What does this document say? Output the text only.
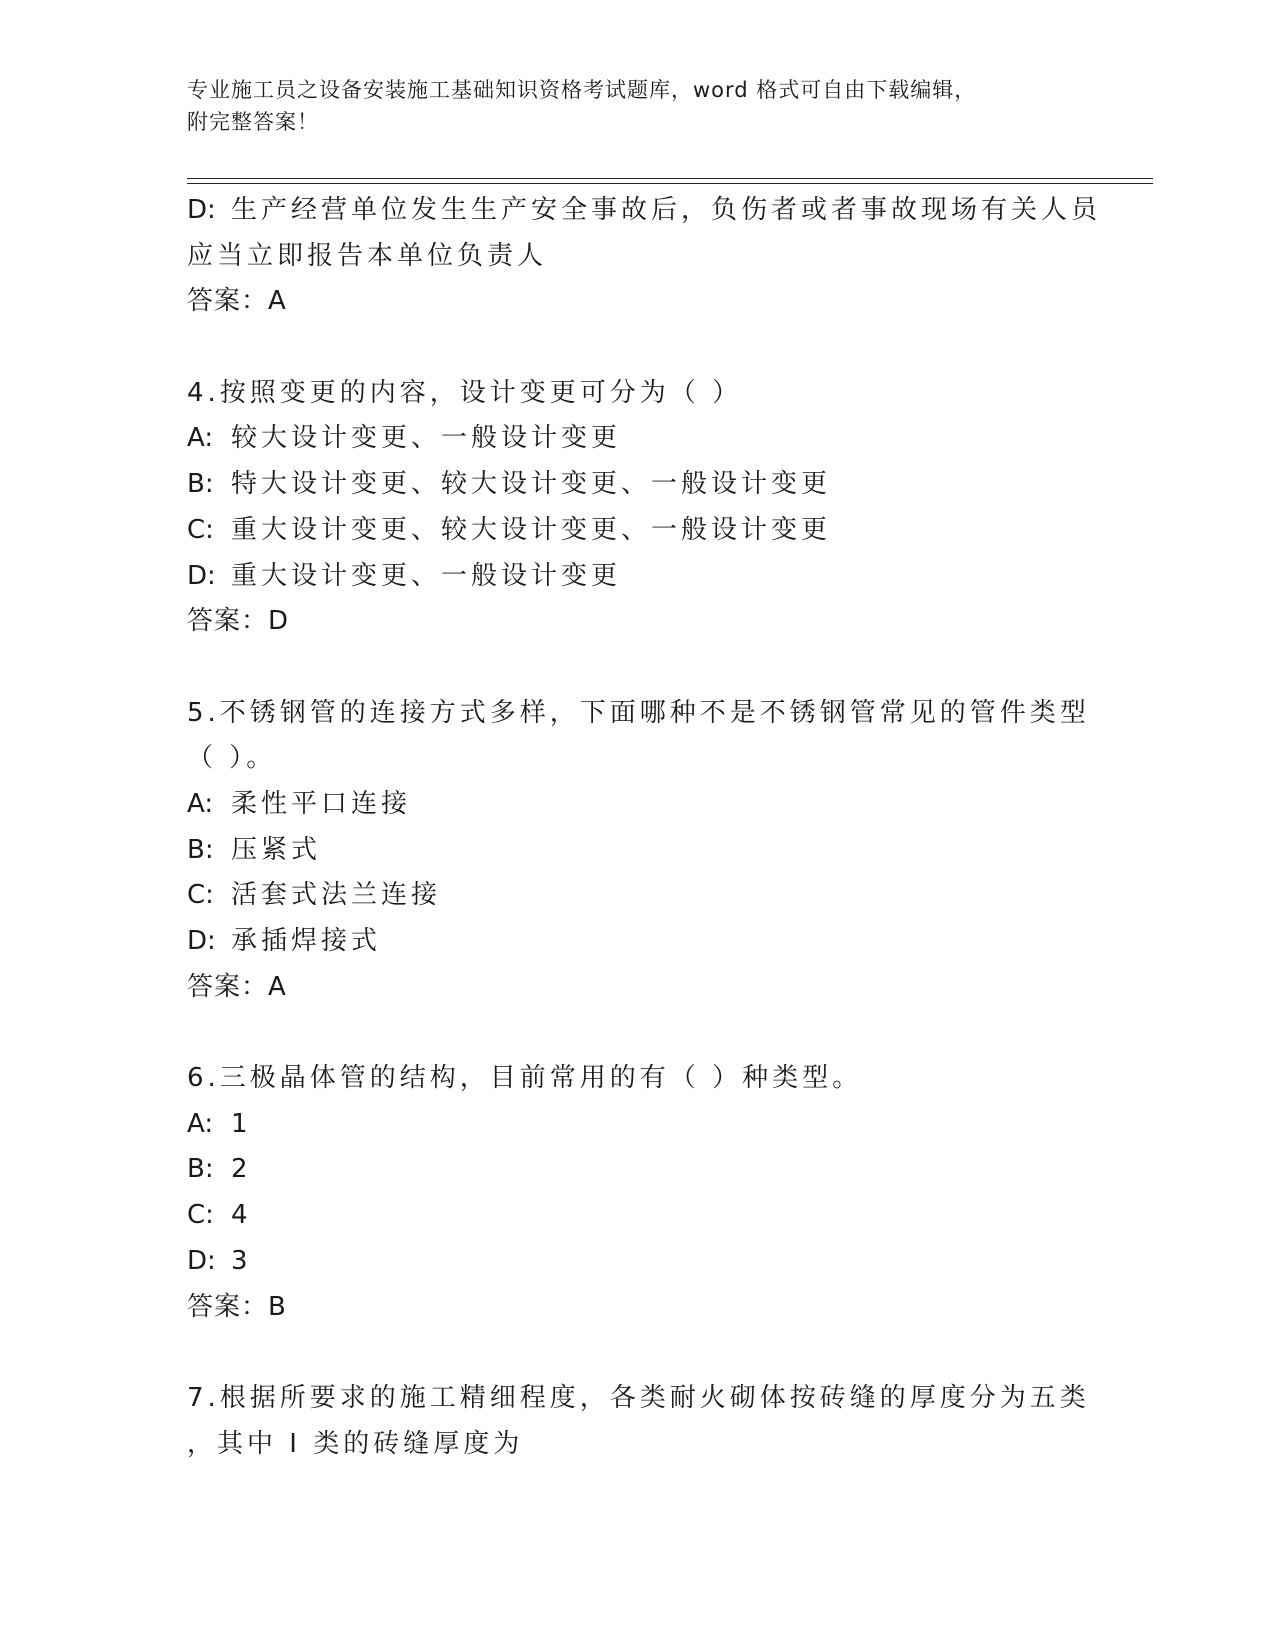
专业施工员之设备安装施工基础知识资格考试题库，word 格式可自由下载编辑，
附完整答案！
D: 生产经营单位发生生产安全事故后，负伤者或者事故现场有关人员
应当立即报告本单位负责人
答案：A
4.按照变更的内容，设计变更可分为（ ）
A: 较大设计变更、一般设计变更
B: 特大设计变更、较大设计变更、一般设计变更
C: 重大设计变更、较大设计变更、一般设计变更
D: 重大设计变更、一般设计变更
答案：D
5.不锈钢管的连接方式多样，下面哪种不是不锈钢管常见的管件类型
（ ）。
A: 柔性平口连接
B: 压紧式
C: 活套式法兰连接
D: 承插焊接式
答案：A
6.三极晶体管的结构，目前常用的有（ ）种类型。
A: 1
B: 2
C: 4
D: 3
答案：B
7.根据所要求的施工精细程度，各类耐火砌体按砖缝的厚度分为五类
，其中 I 类的砖缝厚度为
